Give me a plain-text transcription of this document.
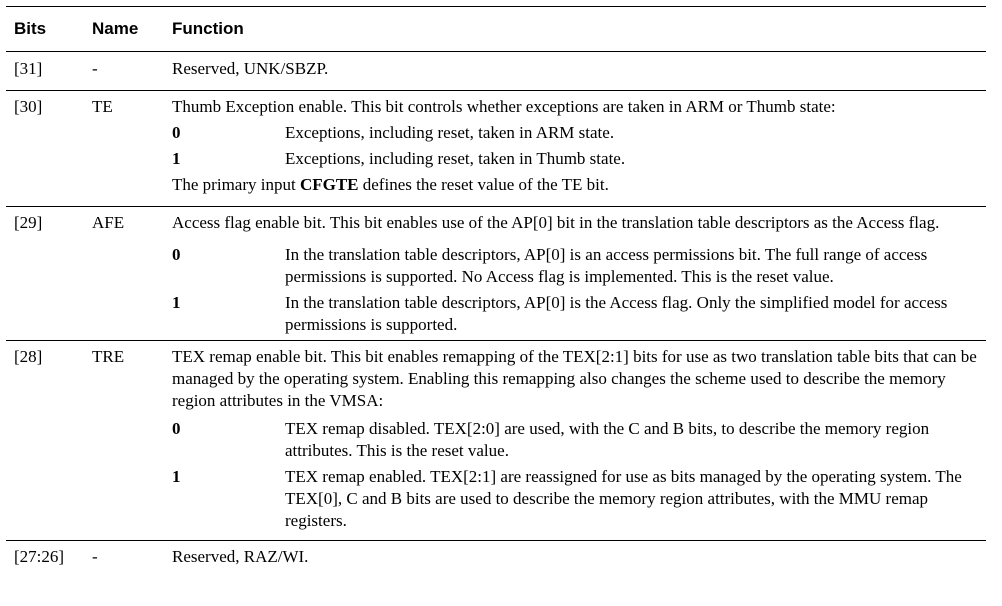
Bits	Name Function
[31]	-	Reserved, UNK/SBZP.
[30]	TE	Thumb Exception enable. This bit controls whether exceptions are taken in ARM or Thumb state:
0	Exceptions, including reset, taken in ARM state.
1	Exceptions, including reset, taken in Thumb state.
The primary input CFGTE defines the reset value of the TE bit.
[29]	AFE	Access flag enable bit. This bit enables use of the AP[0] bit in the translation table descriptors as the Access flag.
0	In the translation table descriptors, AP[0] is an access permissions bit. The full range of access permissions is supported. No Access flag is implemented. This is the reset value.
1	In the translation table descriptors, AP[0] is the Access flag. Only the simplified model for access permissions is supported.
[28]	TRE	TEX remap enable bit. This bit enables remapping of the TEX[2:1] bits for use as two translation table bits that can be managed by the operating system. Enabling this remapping also changes the scheme used to describe the memory region attributes in the VMSA:
0	TEX remap disabled. TEX[2:0] are used, with the C and B bits, to describe the memory region attributes. This is the reset value.
1	TEX remap enabled. TEX[2:1] are reassigned for use as bits managed by the operating system. The TEX[0], C and B bits are used to describe the memory region attributes, with the MMU remap registers.
[27:26] -	Reserved, RAZ/WI.
